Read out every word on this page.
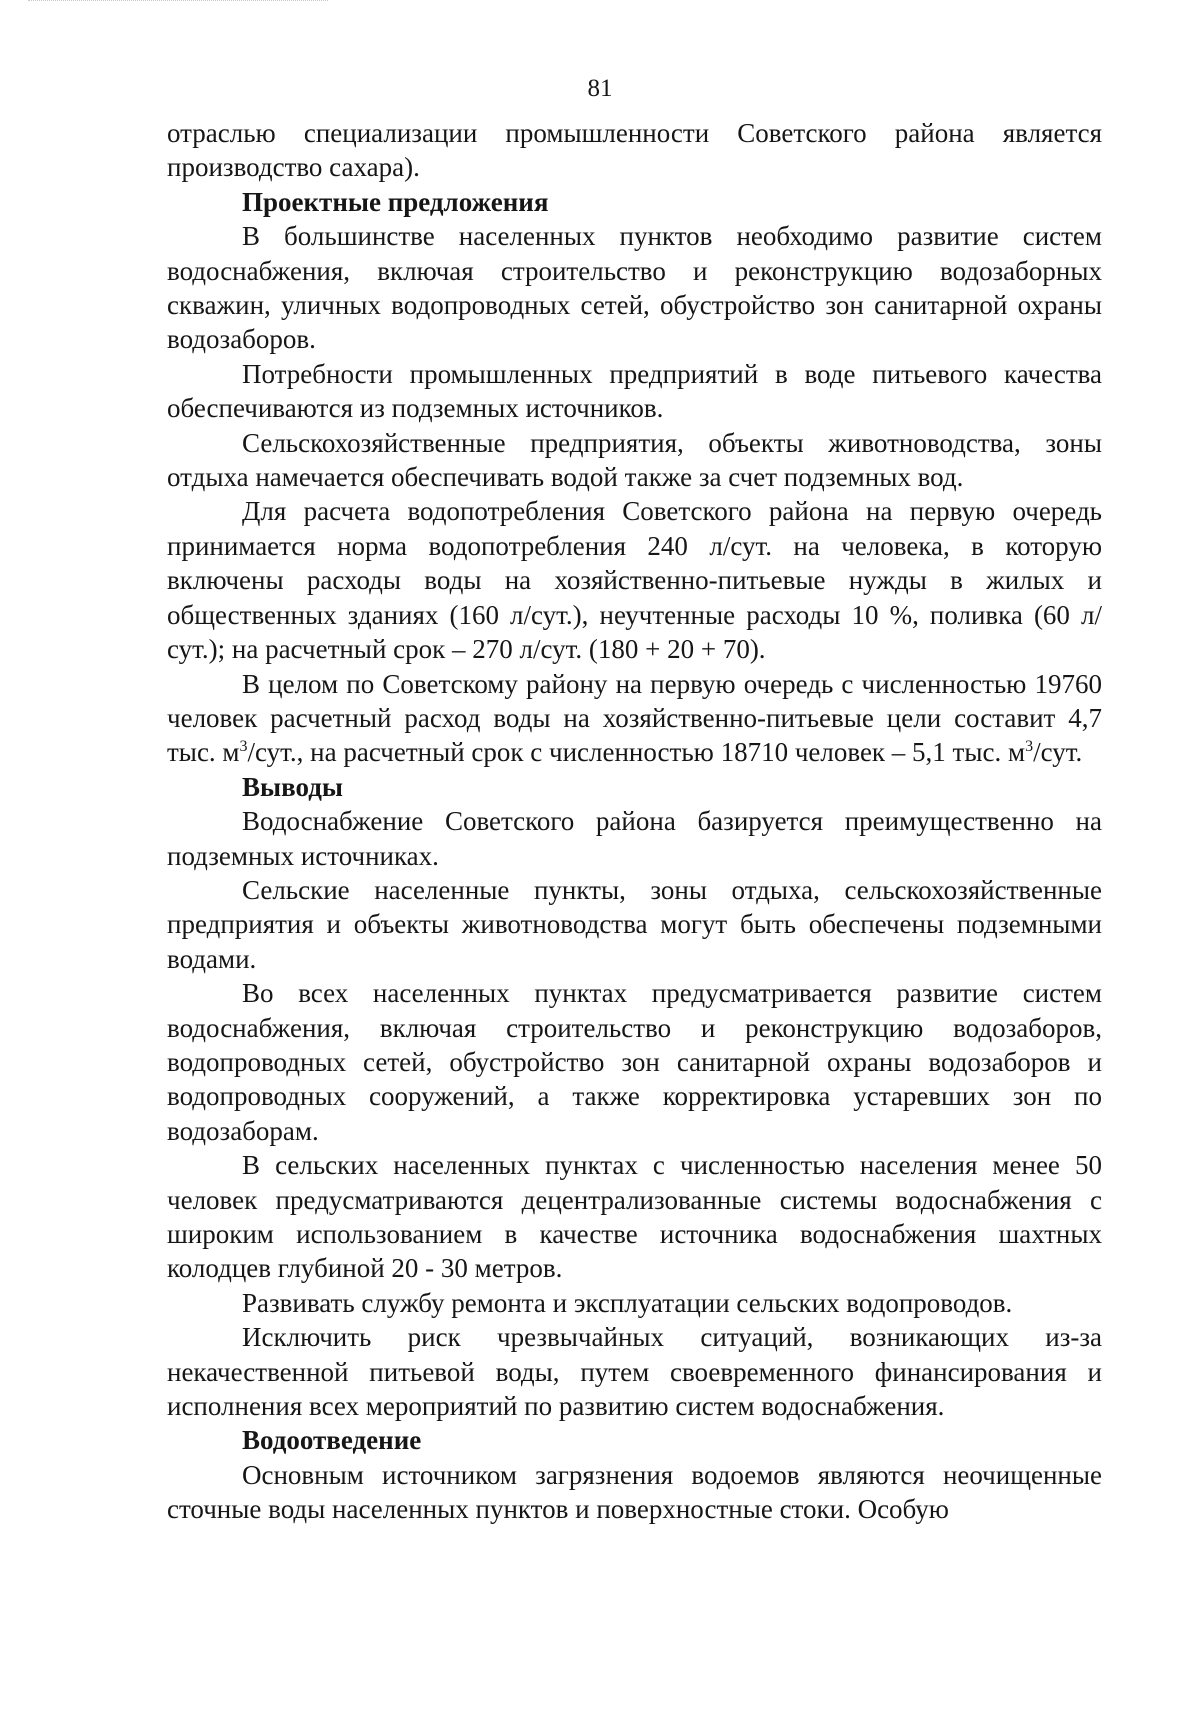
81

отраслью специализации промышленности Советского района является производство сахара).

Проектные предложения

В большинстве населенных пунктов необходимо развитие систем водоснабжения, включая строительство и реконструкцию водозаборных скважин, уличных водопроводных сетей, обустройство зон санитарной охраны водозаборов.

Потребности промышленных предприятий в воде питьевого качества обеспечиваются из подземных источников.

Сельскохозяйственные предприятия, объекты животноводства, зоны отдыха намечается обеспечивать водой также за счет подземных вод.

Для расчета водопотребления Советского района на первую очередь принимается норма водопотребления 240 л/сут. на человека, в которую включены расходы воды на хозяйственно-питьевые нужды в жилых и общественных зданиях (160 л/сут.), неучтенные расходы 10 %, поливка (60 л/сут.); на расчетный срок – 270 л/сут. (180 + 20 + 70).

В целом по Советскому району на первую очередь с численностью 19760 человек расчетный расход воды на хозяйственно-питьевые цели составит 4,7 тыс. $м^3$/сут., на расчетный срок с численностью 18710 человек – 5,1 тыс. $м^3$/сут.

Выводы

Водоснабжение Советского района базируется преимущественно на подземных источниках.

Сельские населенные пункты, зоны отдыха, сельскохозяйственные предприятия и объекты животноводства могут быть обеспечены подземными водами.

Во всех населенных пунктах предусматривается развитие систем водоснабжения, включая строительство и реконструкцию водозаборов, водопроводных сетей, обустройство зон санитарной охраны водозаборов и водопроводных сооружений, а также корректировка устаревших зон по водозаборам.

В сельских населенных пунктах с численностью населения менее 50 человек предусматриваются децентрализованные системы водоснабжения с широким использованием в качестве источника водоснабжения шахтных колодцев глубиной 20 - 30 метров.

Развивать службу ремонта и эксплуатации сельских водопроводов.

Исключить риск чрезвычайных ситуаций, возникающих из-за некачественной питьевой воды, путем своевременного финансирования и исполнения всех мероприятий по развитию систем водоснабжения.

Водоотведение

Основным источником загрязнения водоемов являются неочищенные сточные воды населенных пунктов и поверхностные стоки. Особую
